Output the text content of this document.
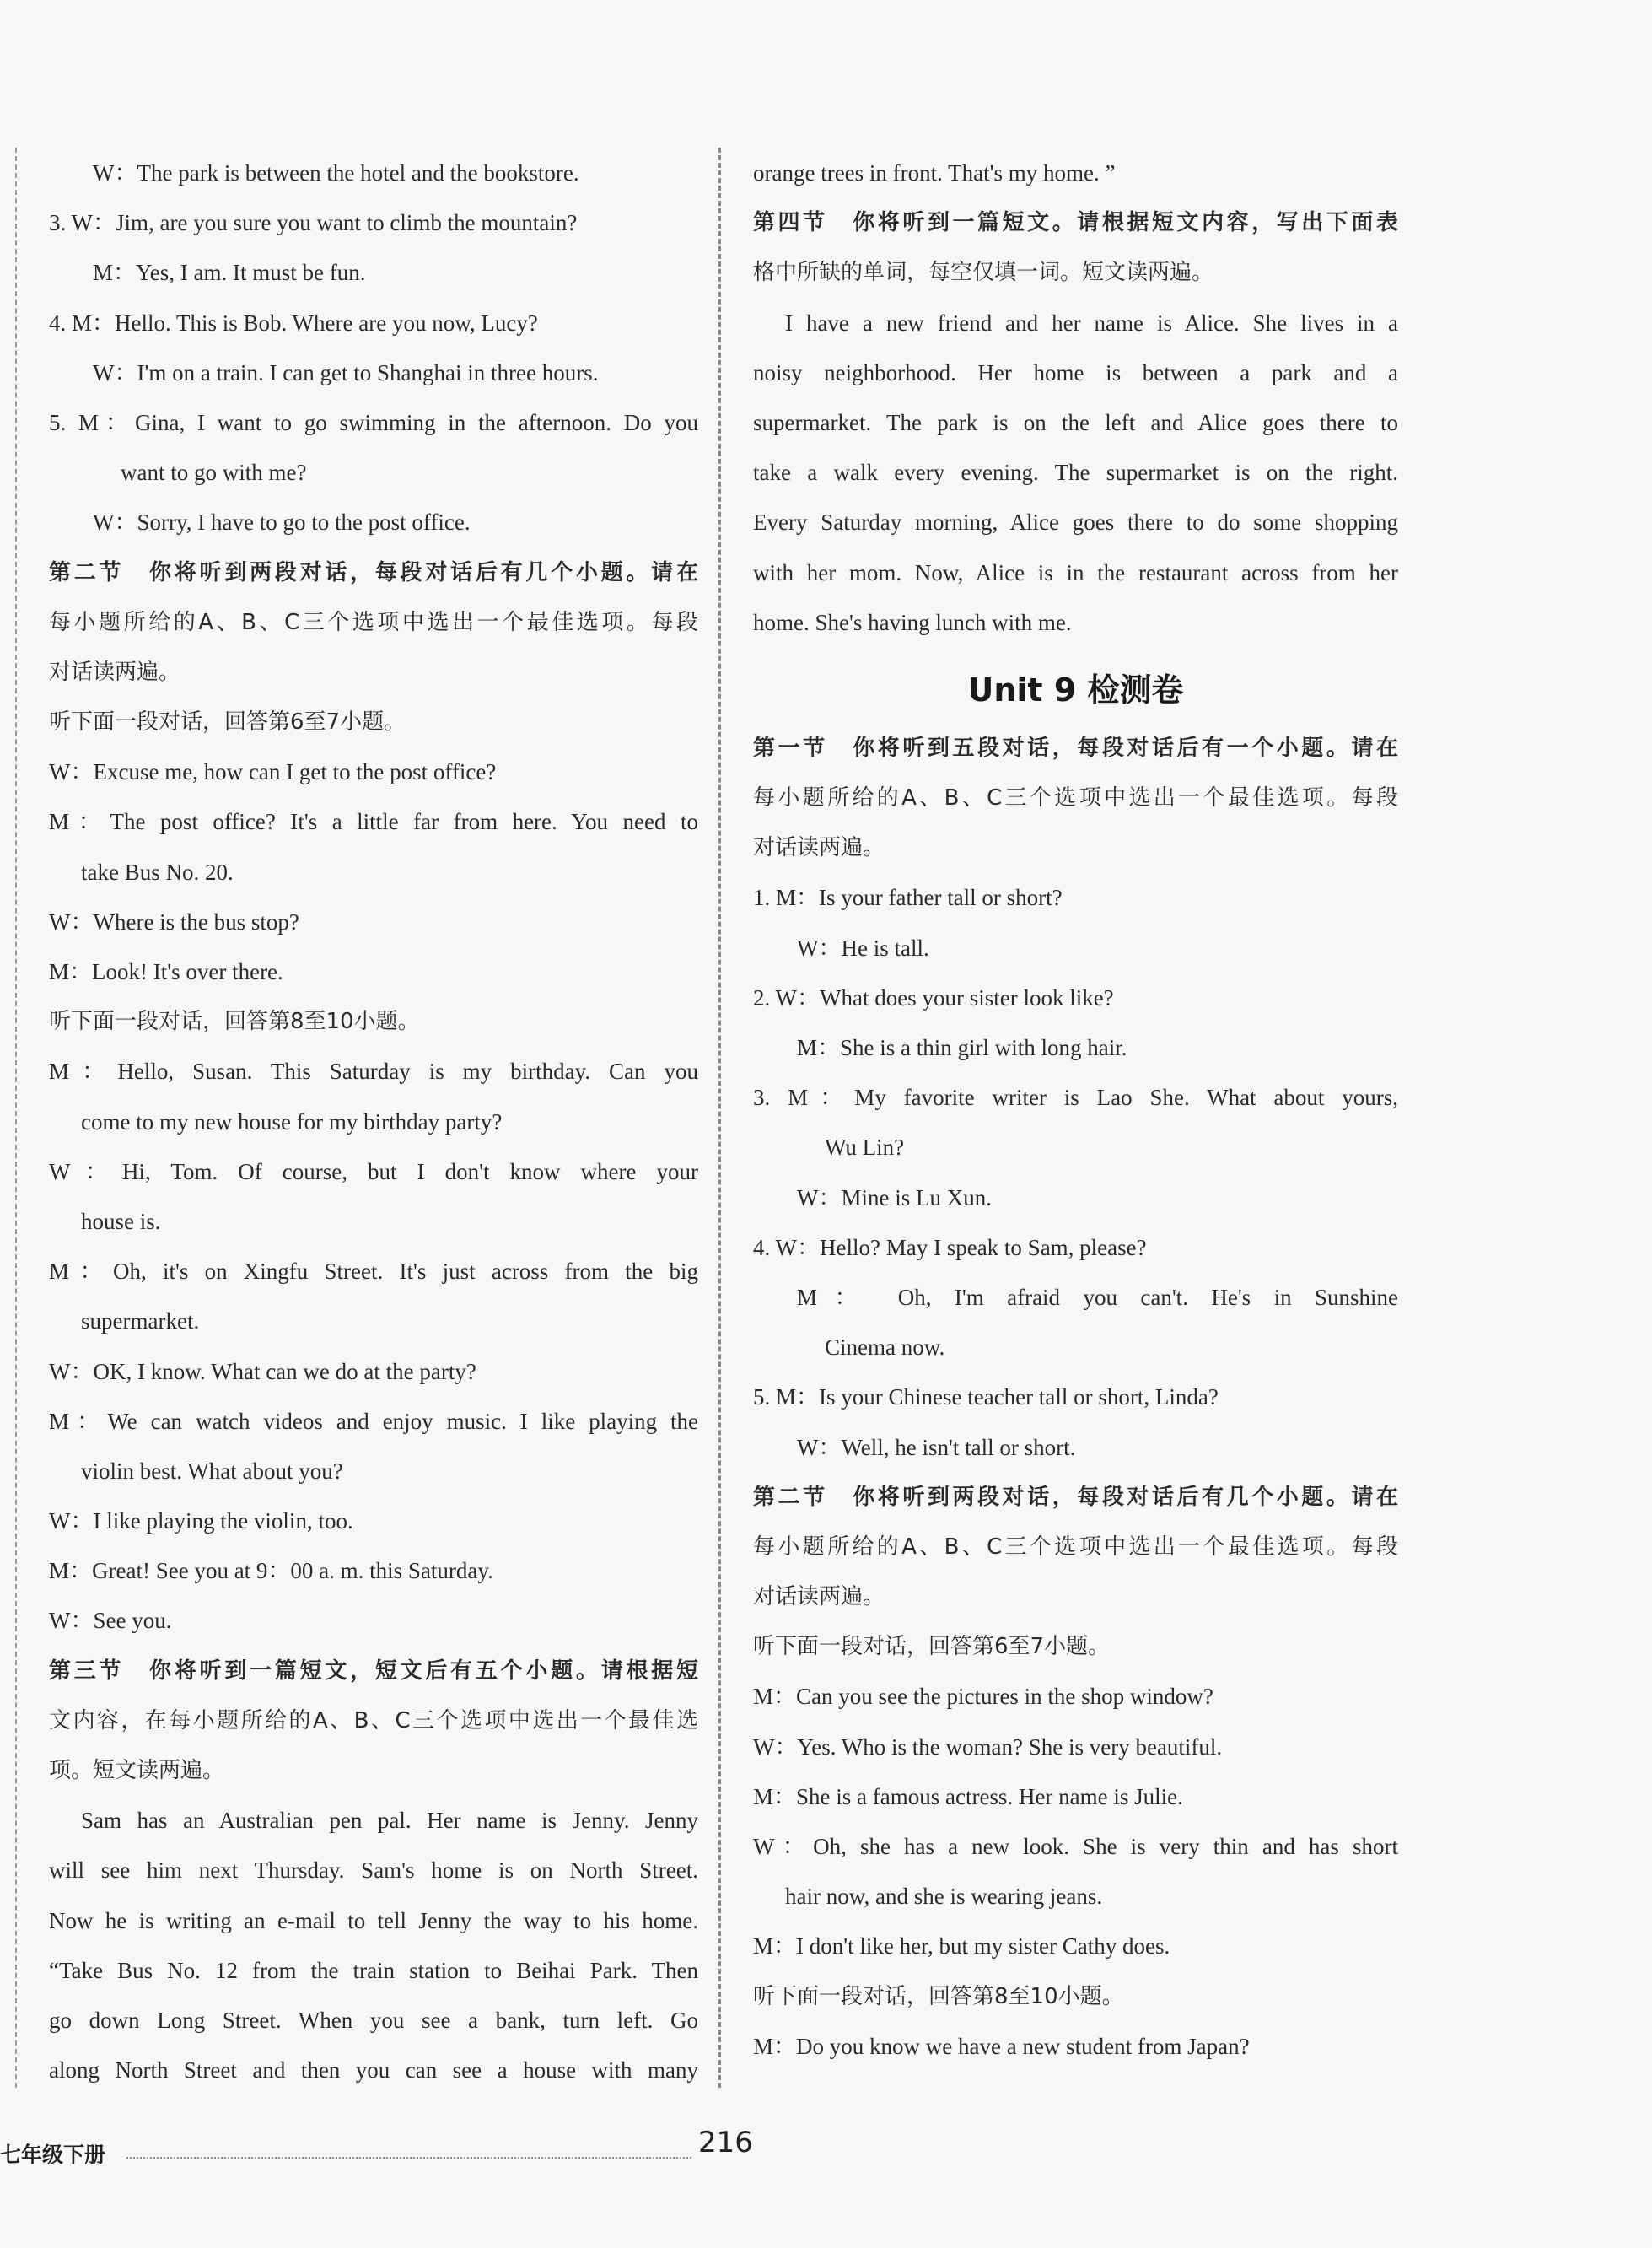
W：The park is between the hotel and the bookstore.
3. W：Jim, are you sure you want to climb the mountain?
M：Yes, I am. It must be fun.
4. M：Hello. This is Bob. Where are you now, Lucy?
W：I'm on a train. I can get to Shanghai in three hours.
5. M：Gina, I want to go swimming in the afternoon. Do you
want to go with me?
W：Sorry, I have to go to the post office.
第二节　你将听到两段对话，每段对话后有几个小题。请在
每小题所给的A、B、C三个选项中选出一个最佳选项。每段
对话读两遍。
听下面一段对话，回答第6至7小题。
W：Excuse me, how can I get to the post office?
M：The post office? It's a little far from here. You need to
take Bus No. 20.
W：Where is the bus stop?
M：Look! It's over there.
听下面一段对话，回答第8至10小题。
M：Hello, Susan. This Saturday is my birthday. Can you
come to my new house for my birthday party?
W：Hi, Tom. Of course, but I don't know where your
house is.
M：Oh, it's on Xingfu Street. It's just across from the big
supermarket.
W：OK, I know. What can we do at the party?
M：We can watch videos and enjoy music. I like playing the
violin best. What about you?
W：I like playing the violin, too.
M：Great! See you at 9：00 a. m. this Saturday.
W：See you.
第三节　你将听到一篇短文，短文后有五个小题。请根据短
文内容，在每小题所给的A、B、C三个选项中选出一个最佳选
项。短文读两遍。
Sam has an Australian pen pal. Her name is Jenny. Jenny
will see him next Thursday. Sam's home is on North Street.
Now he is writing an e-mail to tell Jenny the way to his home.
“Take Bus No. 12 from the train station to Beihai Park. Then
go down Long Street. When you see a bank, turn left. Go
along North Street and then you can see a house with many
orange trees in front. That's my home. ”
第四节　你将听到一篇短文。请根据短文内容，写出下面表
格中所缺的单词，每空仅填一词。短文读两遍。
I have a new friend and her name is Alice. She lives in a
noisy neighborhood. Her home is between a park and a
supermarket. The park is on the left and Alice goes there to
take a walk every evening. The supermarket is on the right.
Every Saturday morning, Alice goes there to do some shopping
with her mom. Now, Alice is in the restaurant across from her
home. She's having lunch with me.
Unit 9 检测卷
第一节　你将听到五段对话，每段对话后有一个小题。请在
每小题所给的A、B、C三个选项中选出一个最佳选项。每段
对话读两遍。
1. M：Is your father tall or short?
W：He is tall.
2. W：What does your sister look like?
M：She is a thin girl with long hair.
3. M：My favorite writer is Lao She. What about yours,
Wu Lin?
W：Mine is Lu Xun.
4. W：Hello? May I speak to Sam, please?
M： Oh, I'm afraid you can't. He's in Sunshine
Cinema now.
5. M：Is your Chinese teacher tall or short, Linda?
W：Well, he isn't tall or short.
第二节　你将听到两段对话，每段对话后有几个小题。请在
每小题所给的A、B、C三个选项中选出一个最佳选项。每段
对话读两遍。
听下面一段对话，回答第6至7小题。
M：Can you see the pictures in the shop window?
W：Yes. Who is the woman? She is very beautiful.
M：She is a famous actress. Her name is Julie.
W：Oh, she has a new look. She is very thin and has short
hair now, and she is wearing jeans.
M：I don't like her, but my sister Cathy does.
听下面一段对话，回答第8至10小题。
M：Do you know we have a new student from Japan?
七年级下册	216
